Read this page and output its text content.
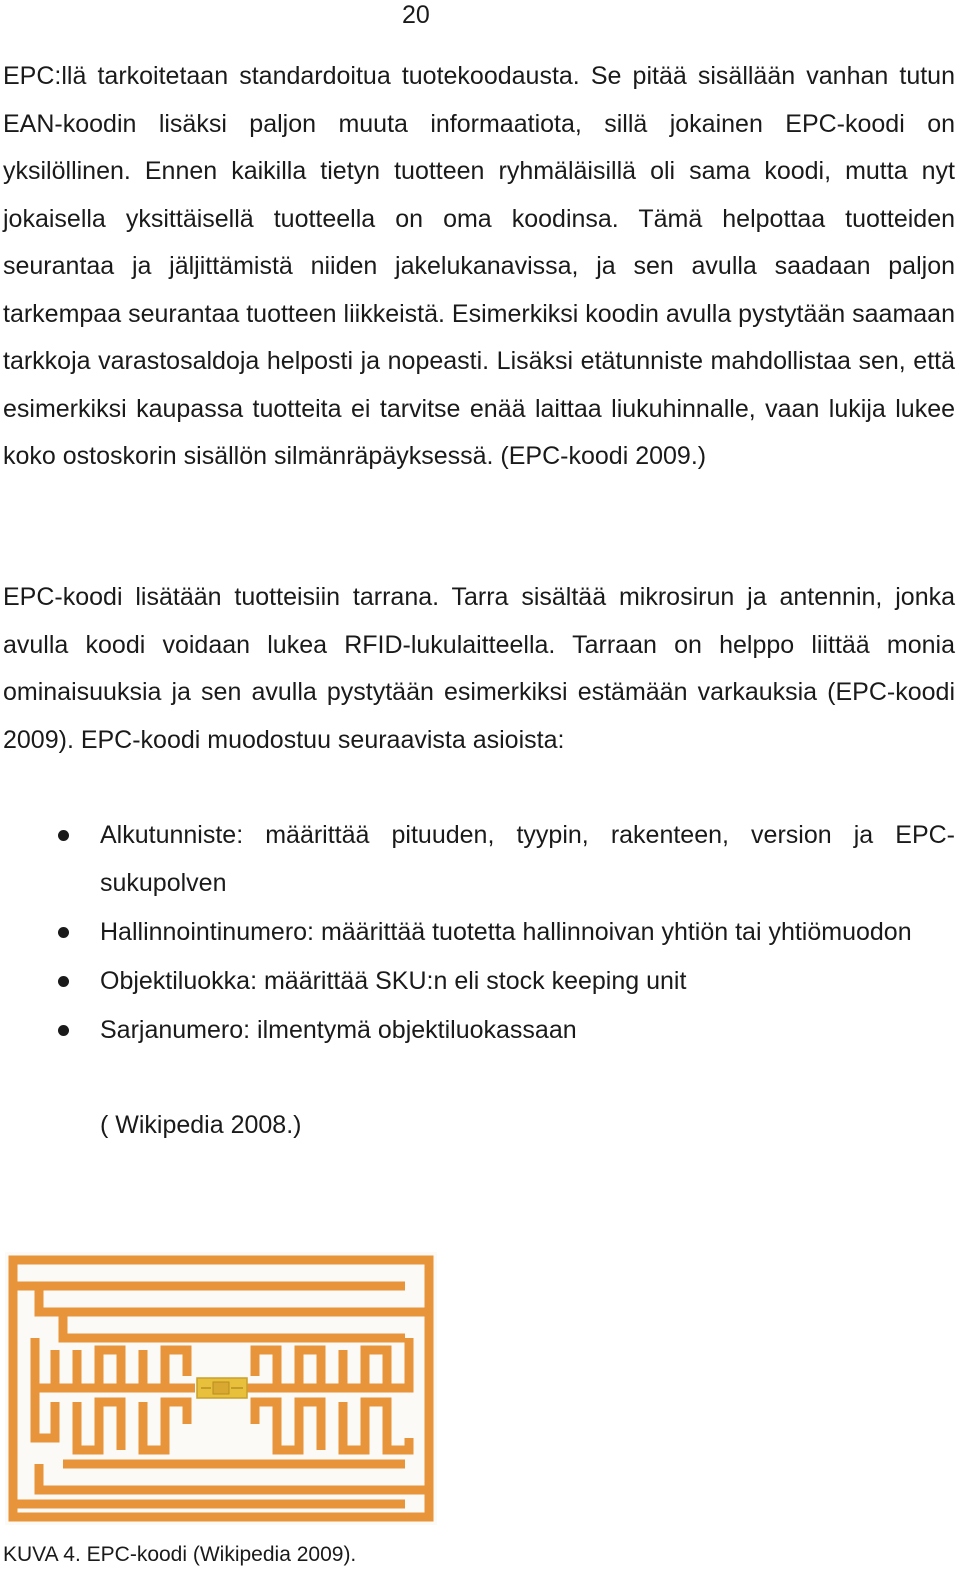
20

EPC:llä tarkoitetaan standardoitua tuotekoodausta. Se pitää sisällään vanhan tutun EAN-koodin lisäksi paljon muuta informaatiota, sillä jokainen EPC-koodi on yksilöllinen. Ennen kaikilla tietyn tuotteen ryhmäläisillä oli sama koodi, mutta nyt jokaisella yksittäisellä tuotteella on oma koodinsa. Tämä helpottaa tuotteiden seurantaa ja jäljittämistä niiden jakelukanavissa, ja sen avulla saadaan paljon tarkempaa seurantaa tuotteen liikkeistä. Esimerkiksi koodin avulla pystytään saamaan tarkkoja varastosaldoja helposti ja nopeasti. Lisäksi etätunniste mahdollistaa sen, että esimerkiksi kaupassa tuotteita ei tarvitse enää laittaa liukuhinnalle, vaan lukija lukee koko ostoskorin sisällön silmänräpäyksessä. (EPC-koodi 2009.)

EPC-koodi lisätään tuotteisiin tarrana. Tarra sisältää mikrosirun ja antennin, jonka avulla koodi voidaan lukea RFID-lukulaitteella. Tarraan on helppo liittää monia ominaisuuksia ja sen avulla pystytään esimerkiksi estämään varkauksia (EPC-koodi 2009). EPC-koodi muodostuu seuraavista asioista:

Alkutunniste: määrittää pituuden, tyypin, rakenteen, version ja EPC-sukupolven
Hallinnointinumero: määrittää tuotetta hallinnoivan yhtiön tai yhtiömuodon
Objektiluokka: määrittää SKU:n eli stock keeping unit
Sarjanumero: ilmentymä objektiluokassaan
( Wikipedia 2008.)
KUVA 4. EPC-koodi (Wikipedia 2009).
